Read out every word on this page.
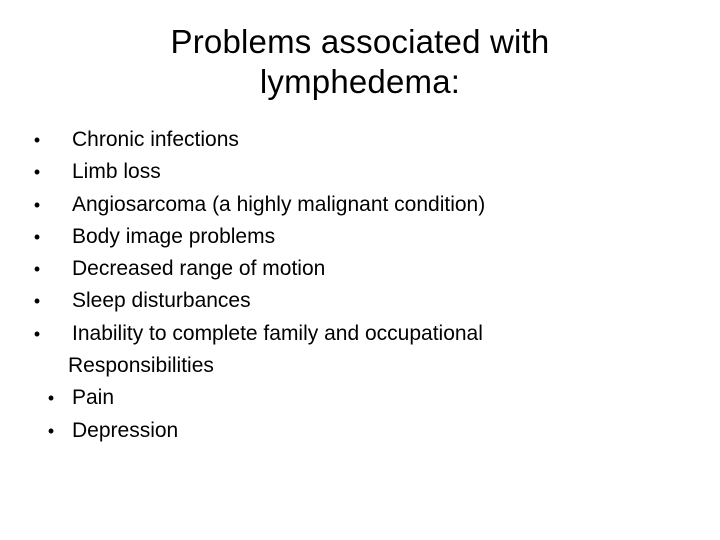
Problems associated with
lymphedema:
• Chronic infections
• Limb loss
• Angiosarcoma (a highly malignant condition)
• Body image problems
• Decreased range of motion
• Sleep disturbances
• Inability to complete family and occupational
Responsibilities
• Pain
• Depression
